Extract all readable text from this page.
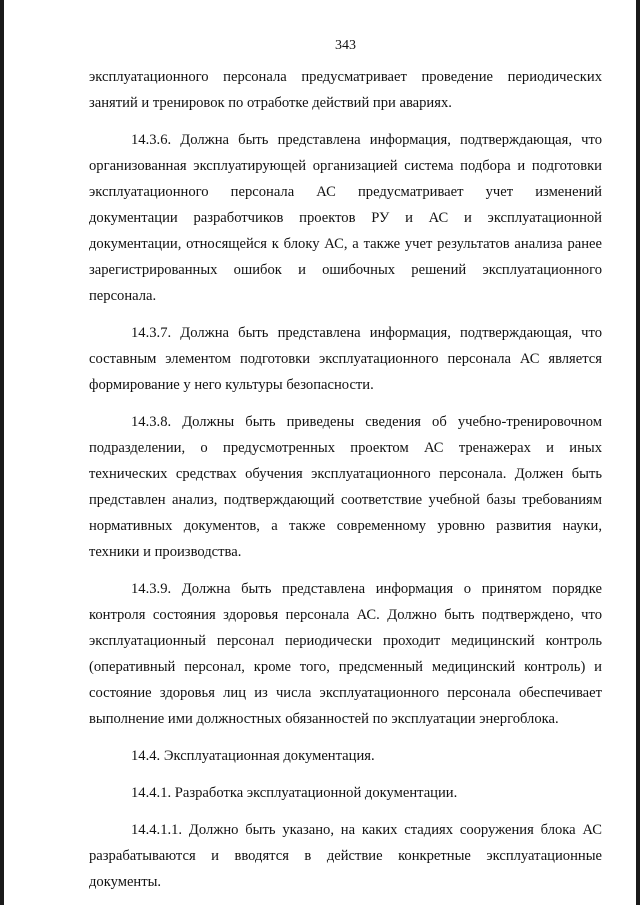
343

эксплуатационного персонала предусматривает проведение периодических занятий и тренировок по отработке действий при авариях.

14.3.6. Должна быть представлена информация, подтверждающая, что организованная эксплуатирующей организацией система подбора и подготовки эксплуатационного персонала АС предусматривает учет изменений документации разработчиков проектов РУ и АС и эксплуатационной документации, относящейся к блоку АС, а также учет результатов анализа ранее зарегистрированных ошибок и ошибочных решений эксплуатационного персонала.

14.3.7. Должна быть представлена информация, подтверждающая, что составным элементом подготовки эксплуатационного персонала АС является формирование у него культуры безопасности.

14.3.8. Должны быть приведены сведения об учебно-тренировочном подразделении, о предусмотренных проектом АС тренажерах и иных технических средствах обучения эксплуатационного персонала. Должен быть представлен анализ, подтверждающий соответствие учебной базы требованиям нормативных документов, а также современному уровню развития науки, техники и производства.

14.3.9. Должна быть представлена информация о принятом порядке контроля состояния здоровья персонала АС. Должно быть подтверждено, что эксплуатационный персонал периодически проходит медицинский контроль (оперативный персонал, кроме того, предсменный медицинский контроль) и состояние здоровья лиц из числа эксплуатационного персонала обеспечивает выполнение ими должностных обязанностей по эксплуатации энергоблока.

14.4. Эксплуатационная документация.

14.4.1. Разработка эксплуатационной документации.

14.4.1.1. Должно быть указано, на каких стадиях сооружения блока АС разрабатываются и вводятся в действие конкретные эксплуатационные документы.
